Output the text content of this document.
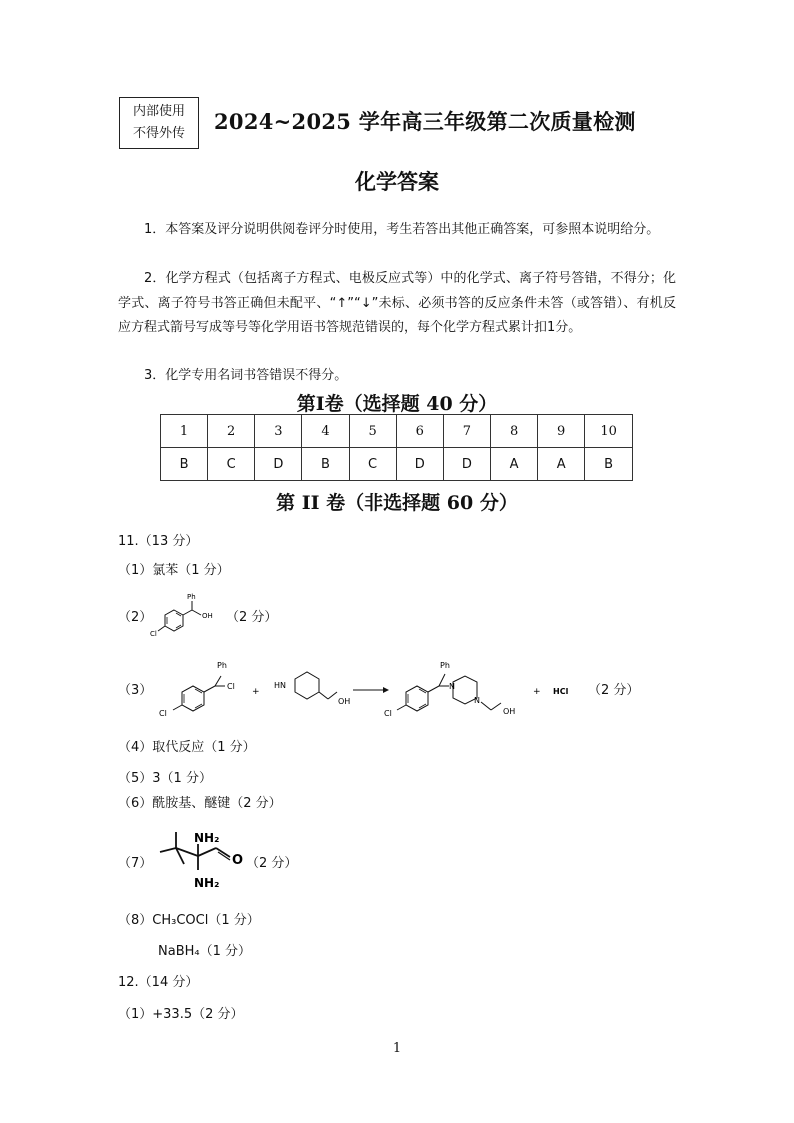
内部使用
不得外传	2024~2025 学年高三年级第二次质量检测
化学答案
1．本答案及评分说明供阅卷评分时使用，考生若答出其他正确答案，可参照本说明给分。
2．化学方程式（包括离子方程式、电极反应式等）中的化学式、离子符号答错，不得分；化学式、离子符号书答正确但未配平、“↑”“↓”未标、必须书答的反应条件未答（或答错）、有机反应方程式箭号写成等号等化学用语书答规范错误的，每个化学方程式累计扣1分。
3．化学专用名词书答错误不得分。
第Ⅰ卷（选择题 40 分）
1	2	3	4	5	6	7	8	9	10
B	C	D	B	C	D	D	A	A	B
第 II 卷（非选择题 60 分）
11.（13 分）
（1）氯苯（1 分）
（2）
Ph
OH
Cl
（2 分）
（3）
Ph
Cl
Cl
+
HN
OH
Ph
Cl
N
N
OH
+ HCl （2 分）
（4）取代反应（1 分）
（5）3（1 分）
（6）酰胺基、醚键（2 分）
（7）
NH₂
NH₂
O （2 分）
（8）CH₃COCl（1 分）
NaBH₄（1 分）
12.（14 分）
（1）+33.5（2 分）
1
